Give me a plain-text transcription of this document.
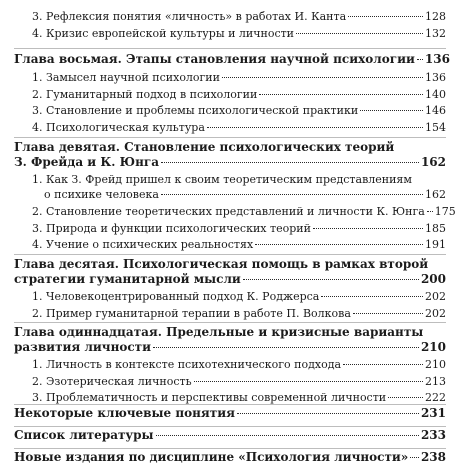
3. Рефлексия понятия «личность» в работах И. Канта	128
4. Кризис европейской культуры и личности	132
Глава восьмая. Этапы становления научной психологии 136
1. Замысел научной психологии	136
2. Гуманитарный подход в психологии	140
3. Становление и проблемы психологической практики	146
4. Психологическая культура	154
Глава девятая. Становление психологических теорий
З. Фрейда и К. Юнга	162
1. Как З. Фрейд пришел к своим теоретическим представлениям
о психике человека	162
2. Становление теоретических представлений и личности К. Юнга 175
3. Природа и функции психологических теорий	185
4. Учение о психических реальностях	191
Глава десятая. Психологическая помощь в рамках второй
стратегии гуманитарной мысли	200
1. Человекоцентрированный подход К. Роджерса	202
2. Пример гуманитарной терапии в работе П. Волкова	202
Глава одиннадцатая. Предельные и кризисные варианты
развития личности	210
1. Личность в контексте психотехнического подхода	210
2. Эзотерическая личность	213
3. Проблематичность и перспективы современной личности	222
Некоторые ключевые понятия	231
Список литературы	233
Новые издания по дисциплине «Психология личности» 238
